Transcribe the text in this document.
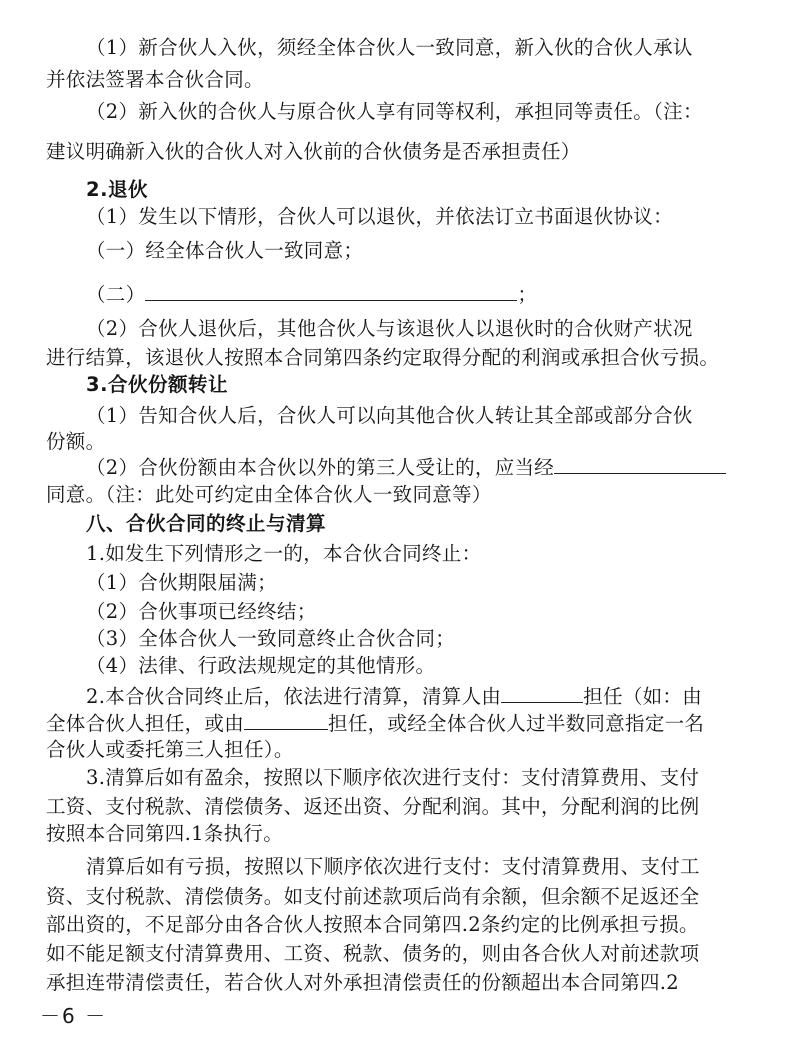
（1）新合伙人入伙，须经全体合伙人一致同意，新入伙的合伙人承认

并依法签署本合伙合同。

（2）新入伙的合伙人与原合伙人享有同等权利，承担同等责任。（注：

建议明确新入伙的合伙人对入伙前的合伙债务是否承担责任）

2.退伙

（1）发生以下情形，合伙人可以退伙，并依法订立书面退伙协议：

（一）经全体合伙人一致同意；

（二）	；

（2）合伙人退伙后，其他合伙人与该退伙人以退伙时的合伙财产状况

进行结算，该退伙人按照本合同第四条约定取得分配的利润或承担合伙亏损。

3.合伙份额转让

（1）告知合伙人后，合伙人可以向其他合伙人转让其全部或部分合伙

份额。

（2）合伙份额由本合伙以外的第三人受让的，应当经

同意。（注：此处可约定由全体合伙人一致同意等）

八、合伙合同的终止与清算

1.如发生下列情形之一的，本合伙合同终止：

（1）合伙期限届满；

（2）合伙事项已经终结；

（3）全体合伙人一致同意终止合伙合同；

（4）法律、行政法规规定的其他情形。

2.本合伙合同终止后，依法进行清算，清算人由	担任（如：由

全体合伙人担任，或由	担任，或经全体合伙人过半数同意指定一名

合伙人或委托第三人担任）。

3.清算后如有盈余，按照以下顺序依次进行支付：支付清算费用、支付

工资、支付税款、清偿债务、返还出资、分配利润。其中，分配利润的比例

按照本合同第四.1条执行。

清算后如有亏损，按照以下顺序依次进行支付：支付清算费用、支付工

资、支付税款、清偿债务。如支付前述款项后尚有余额，但余额不足返还全

部出资的，不足部分由各合伙人按照本合同第四.2条约定的比例承担亏损。

如不能足额支付清算费用、工资、税款、债务的，则由各合伙人对前述款项

承担连带清偿责任，若合伙人对外承担清偿责任的份额超出本合同第四.2

－6 －
